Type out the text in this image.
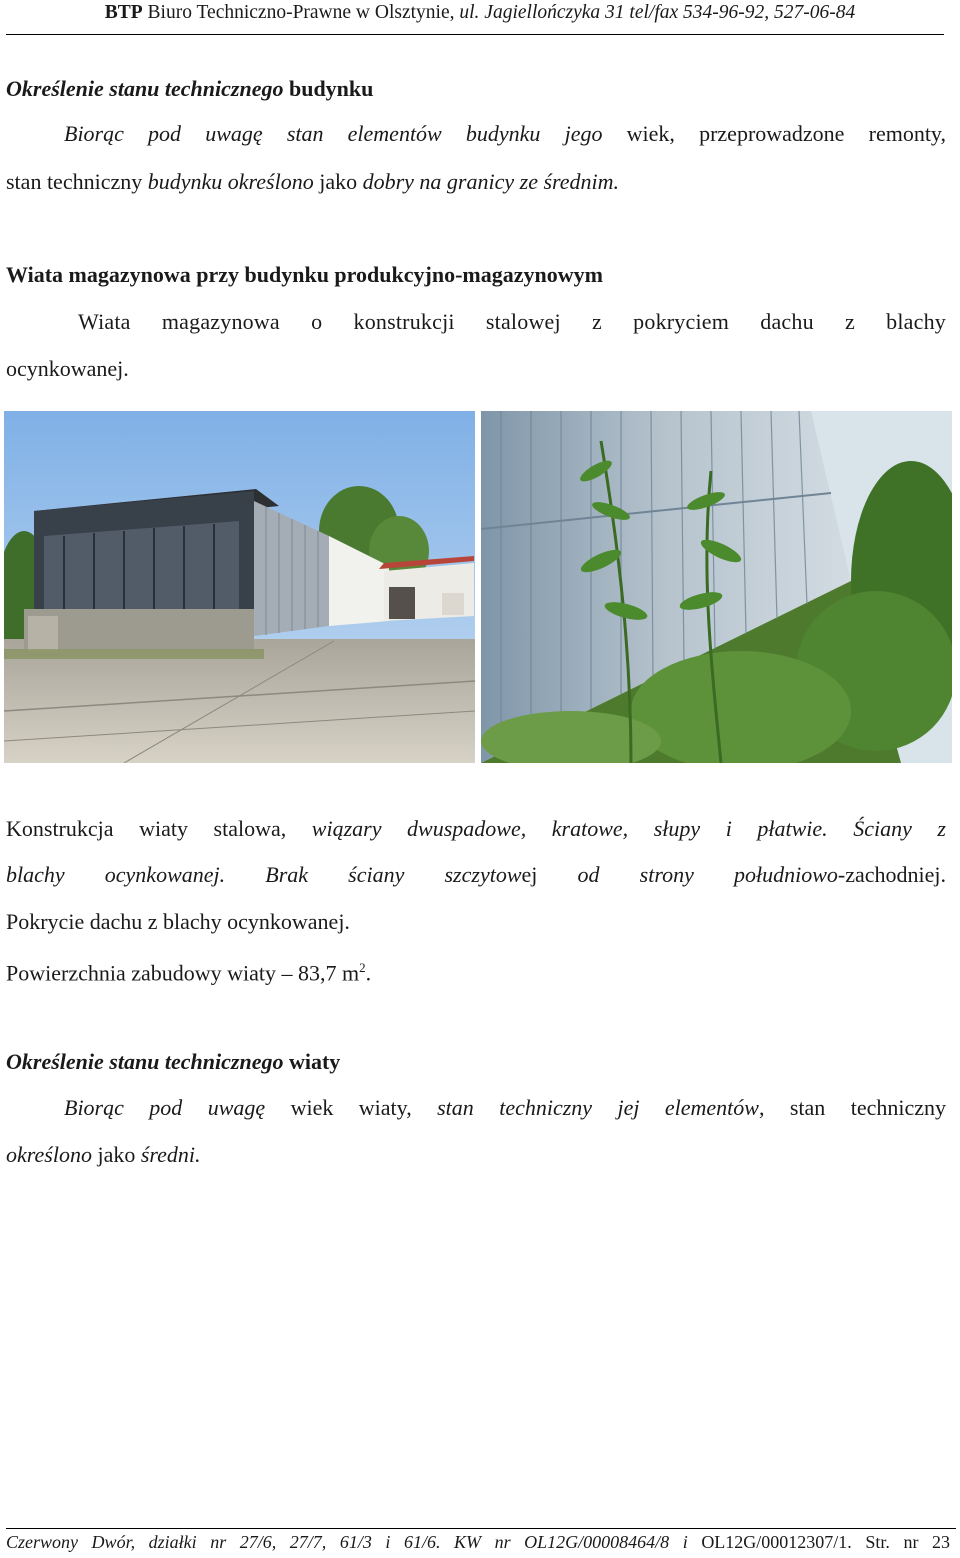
BTP Biuro Techniczno-Prawne w Olsztynie, ul. Jagiellończyka 31 tel/fax 534-96-92, 527-06-84
Określenie stanu technicznego budynku
Biorąc pod uwagę stan elementów budynku jego wiek, przeprowadzone remonty,
stan techniczny budynku określono jako dobry na granicy ze średnim.
Wiata magazynowa przy budynku produkcyjno-magazynowym
Wiata magazynowa o konstrukcji stalowej z pokryciem dachu z blachy
ocynkowanej.
Konstrukcja wiaty stalowa, wiązary dwuspadowe, kratowe, słupy i płatwie. Ściany z
blachy ocynkowanej. Brak ściany szczytowej od strony południowo-zachodniej.
Pokrycie dachu z blachy ocynkowanej.
Powierzchnia zabudowy wiaty – 83,7 $m^2$.
Określenie stanu technicznego wiaty
Biorąc pod uwagę wiek wiaty, stan techniczny jej elementów, stan techniczny
określono jako średni.
Czerwony Dwór, działki nr 27/6, 27/7, 61/3 i 61/6. KW nr OL12G/00008464/8 i OL12G/00012307/1. Str. nr 23
